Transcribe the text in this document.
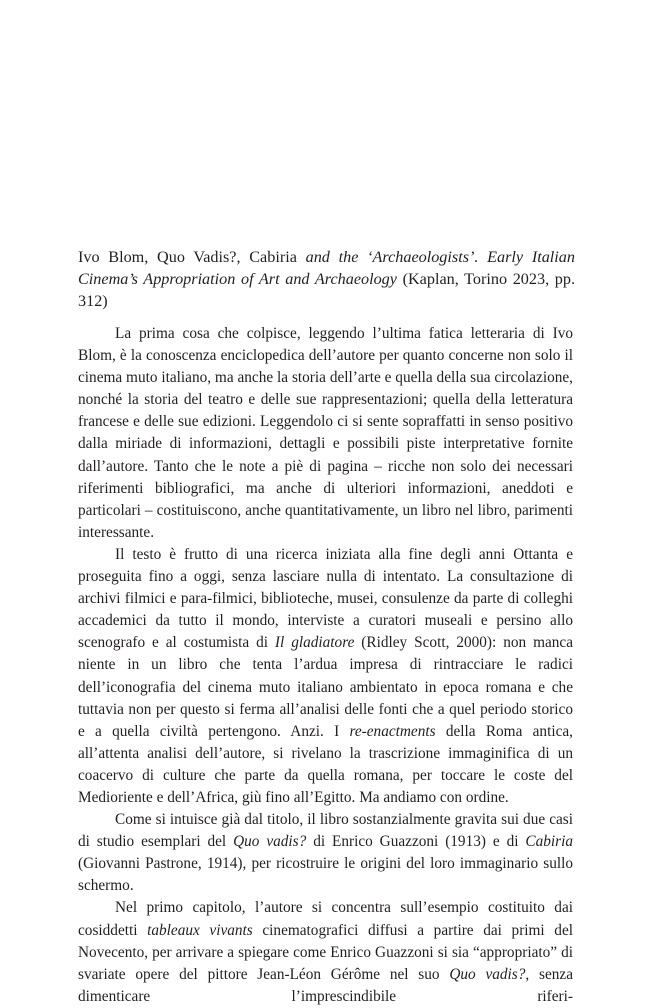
Ivo Blom, Quo Vadis?, Cabiria and the ‘Archaeologists’. Early Italian Cinema’s Appropriation of Art and Archaeology (Kaplan, Torino 2023, pp. 312)

La prima cosa che colpisce, leggendo l’ultima fatica letteraria di Ivo Blom, è la conoscenza enciclopedica dell’autore per quanto concerne non solo il cinema muto italiano, ma anche la storia dell’arte e quella della sua circolazione, nonché la storia del teatro e delle sue rappresentazioni; quella della letteratura francese e delle sue edizioni. Leggendolo ci si sente sopraffatti in senso positivo dalla miriade di informazioni, dettagli e possibili piste interpretative fornite dall’autore. Tanto che le note a piè di pagina – ricche non solo dei necessari riferimenti bibliografici, ma anche di ulteriori informazioni, aneddoti e particolari – costituiscono, anche quantitativamente, un libro nel libro, parimenti interessante.

Il testo è frutto di una ricerca iniziata alla fine degli anni Ottanta e proseguita fino a oggi, senza lasciare nulla di intentato. La consultazione di archivi filmici e para-filmici, biblioteche, musei, consulenze da parte di colleghi accademici da tutto il mondo, interviste a curatori museali e persino allo scenografo e al costumista di Il gladiatore (Ridley Scott, 2000): non manca niente in un libro che tenta l’ardua impresa di rintracciare le radici dell’iconografia del cinema muto italiano ambientato in epoca romana e che tuttavia non per questo si ferma all’analisi delle fonti che a quel periodo storico e a quella civiltà pertengono. Anzi. I re-enactments della Roma antica, all’attenta analisi dell’autore, si rivelano la trascrizione immaginifica di un coacervo di culture che parte da quella romana, per toccare le coste del Medioriente e dell’Africa, giù fino all’Egitto. Ma andiamo con ordine.

Come si intuisce già dal titolo, il libro sostanzialmente gravita sui due casi di studio esemplari del Quo vadis? di Enrico Guazzoni (1913) e di Cabiria (Giovanni Pastrone, 1914), per ricostruire le origini del loro immaginario sullo schermo.

Nel primo capitolo, l’autore si concentra sull’esempio costituito dai cosiddetti tableaux vivants cinematografici diffusi a partire dai primi del Novecento, per arrivare a spiegare come Enrico Guazzoni si sia “appropriato” di svariate opere del pittore Jean-Léon Gérôme nel suo Quo vadis?, senza dimenticare l’imprescindibile riferi-
